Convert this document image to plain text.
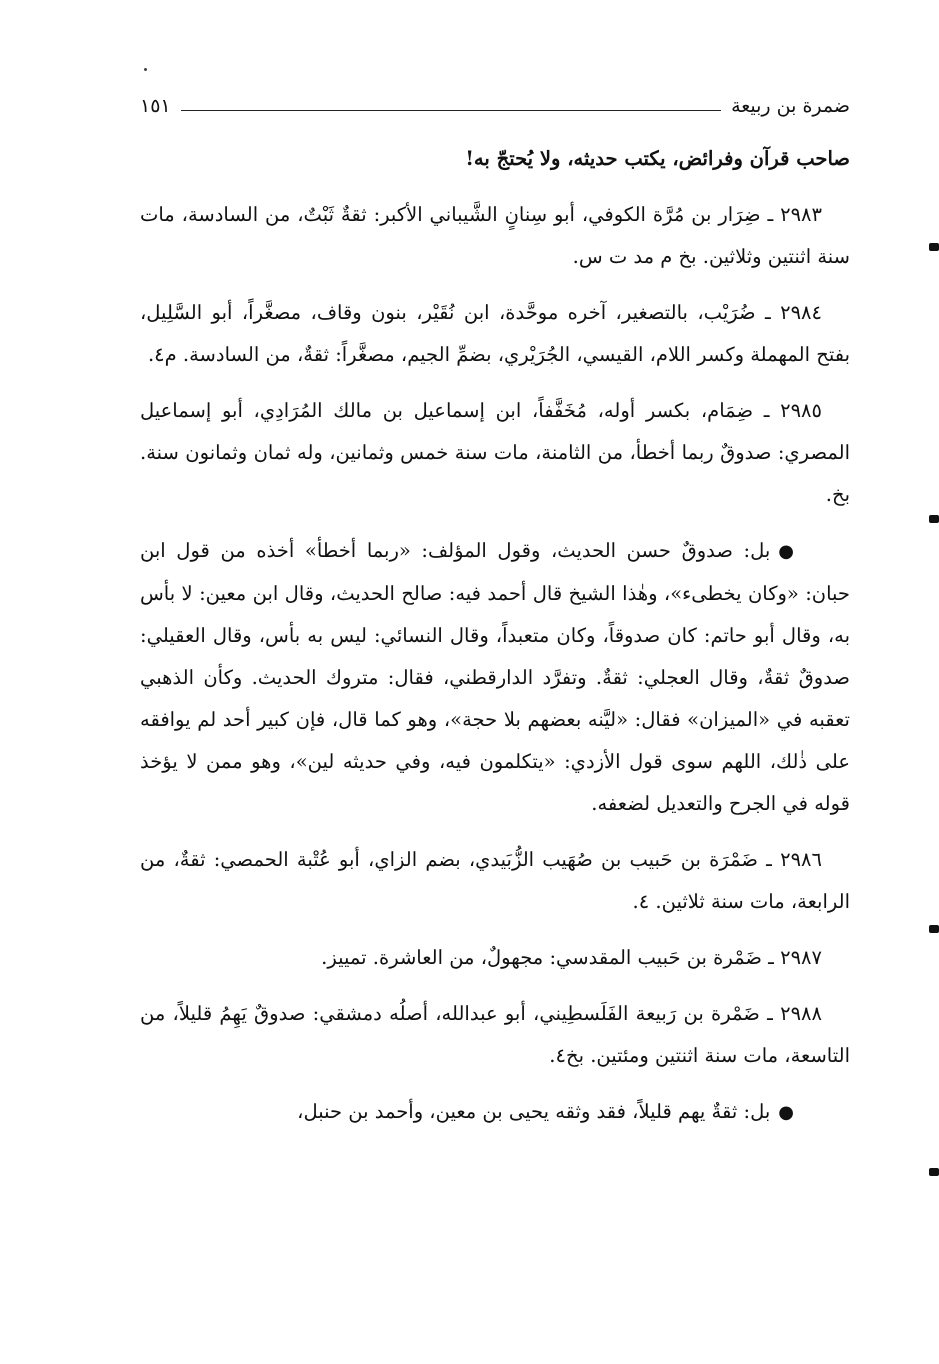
ضمرة بن ربيعة
١٥١

صاحب قرآن وفرائض، يكتب حديثه، ولا يُحتجّ به!

٢٩٨٣ ـ ضِرَار بن مُرَّة الكوفي، أبو سِنانٍ الشَّيباني الأكبر: ثقةٌ ثَبْتٌ، من السادسة، مات سنة اثنتين وثلاثين. بخ م مد ت س.

٢٩٨٤ ـ ضُرَيْب، بالتصغير، آخره موحَّدة، ابن نُقَيْر، بنون وقاف، مصغَّراً، أبو السَّلِيل، بفتح المهملة وكسر اللام، القيسي، الجُرَيْري، بضمِّ الجيم، مصغَّراً: ثقةٌ، من السادسة. م٤.

٢٩٨٥ ـ ضِمَام، بكسر أوله، مُخَفَّفاً، ابن إسماعيل بن مالك المُرَادِي، أبو إسماعيل المصري: صدوقٌ ربما أخطأ، من الثامنة، مات سنة خمس وثمانين، وله ثمان وثمانون سنة. بخ.

●بل: صدوقٌ حسن الحديث، وقول المؤلف: «ربما أخطأ» أخذه من قول ابن حبان: «وكان يخطىء»، وهٰذا الشيخ قال أحمد فيه: صالح الحديث، وقال ابن معين: لا بأس به، وقال أبو حاتم: كان صدوقاً، وكان متعبداً، وقال النسائي: ليس به بأس، وقال العقيلي: صدوقٌ ثقةٌ، وقال العجلي: ثقةٌ. وتفرَّد الدارقطني، فقال: متروك الحديث. وكأن الذهبي تعقبه في «الميزان» فقال: «ليَّنه بعضهم بلا حجة»، وهو كما قال، فإن كبير أحد لم يوافقه على ذٰلك، اللهم سوى قول الأزدي: «يتكلمون فيه، وفي حديثه لين»، وهو ممن لا يؤخذ قوله في الجرح والتعديل لضعفه.

٢٩٨٦ ـ ضَمْرَة بن حَبيب بن صُهَيب الزُّبَيدي، بضم الزاي، أبو عُتْبة الحمصي: ثقةٌ، من الرابعة، مات سنة ثلاثين. ٤.

٢٩٨٧ ـ ضَمْرة بن حَبيب المقدسي: مجهولٌ، من العاشرة. تمييز.

٢٩٨٨ ـ ضَمْرة بن رَبيعة الفَلَسطِيني، أبو عبدالله، أصلُه دمشقي: صدوقٌ يَهِمُ قليلاً، من التاسعة، مات سنة اثنتين ومئتين. بخ٤.

●بل: ثقةٌ يهم قليلاً، فقد وثقه يحيى بن معين، وأحمد بن حنبل،
